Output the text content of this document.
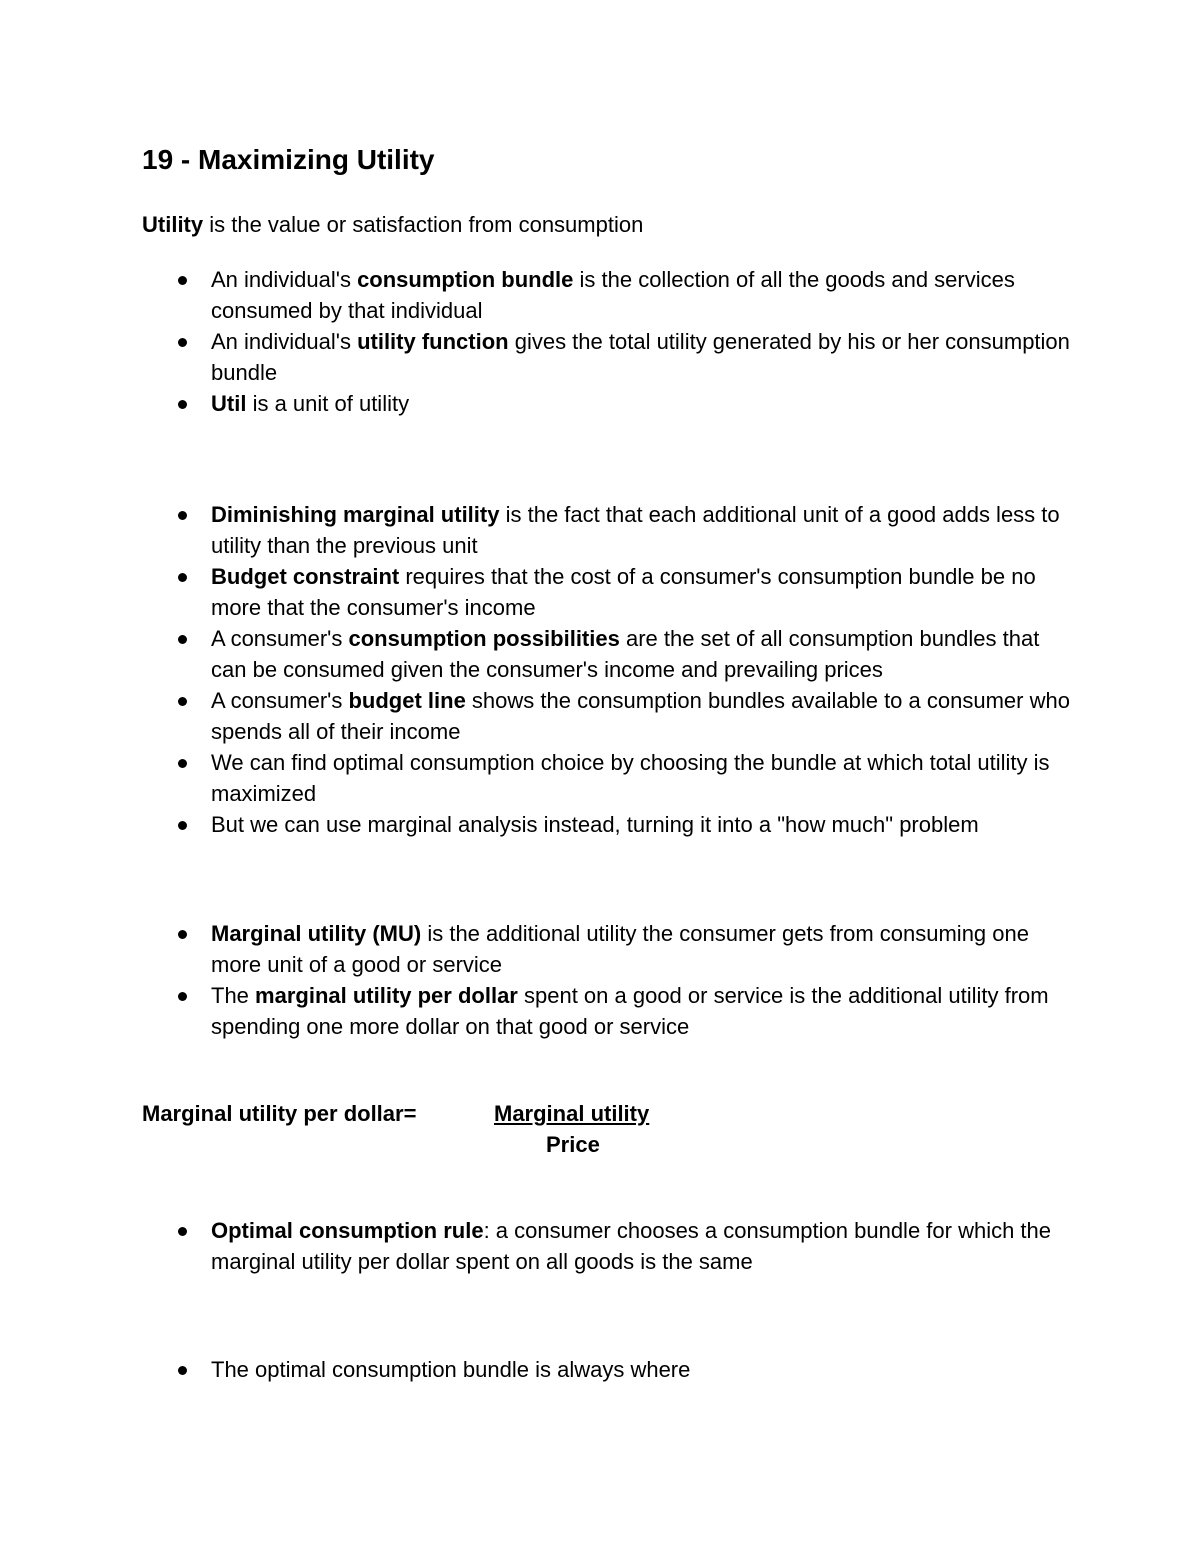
19 - Maximizing Utility

Utility is the value or satisfaction from consumption

An individual's consumption bundle is the collection of all the goods and services consumed by that individual
An individual's utility function gives the total utility generated by his or her consumption bundle
Util is a unit of utility
Diminishing marginal utility is the fact that each additional unit of a good adds less to utility than the previous unit
Budget constraint requires that the cost of a consumer's consumption bundle be no more that the consumer's income
A consumer's consumption possibilities are the set of all consumption bundles that can be consumed given the consumer's income and prevailing prices
A consumer's budget line shows the consumption bundles available to a consumer who spends all of their income
We can find optimal consumption choice by choosing the bundle at which total utility is maximized
But we can use marginal analysis instead, turning it into a "how much" problem
Marginal utility (MU) is the additional utility the consumer gets from consuming one more unit of a good or service
The marginal utility per dollar spent on a good or service is the additional utility from spending one more dollar on that good or service
Marginal utility per dollar=	Marginal utility
Price
Optimal consumption rule: a consumer chooses a consumption bundle for which the marginal utility per dollar spent on all goods is the same
The optimal consumption bundle is always where
